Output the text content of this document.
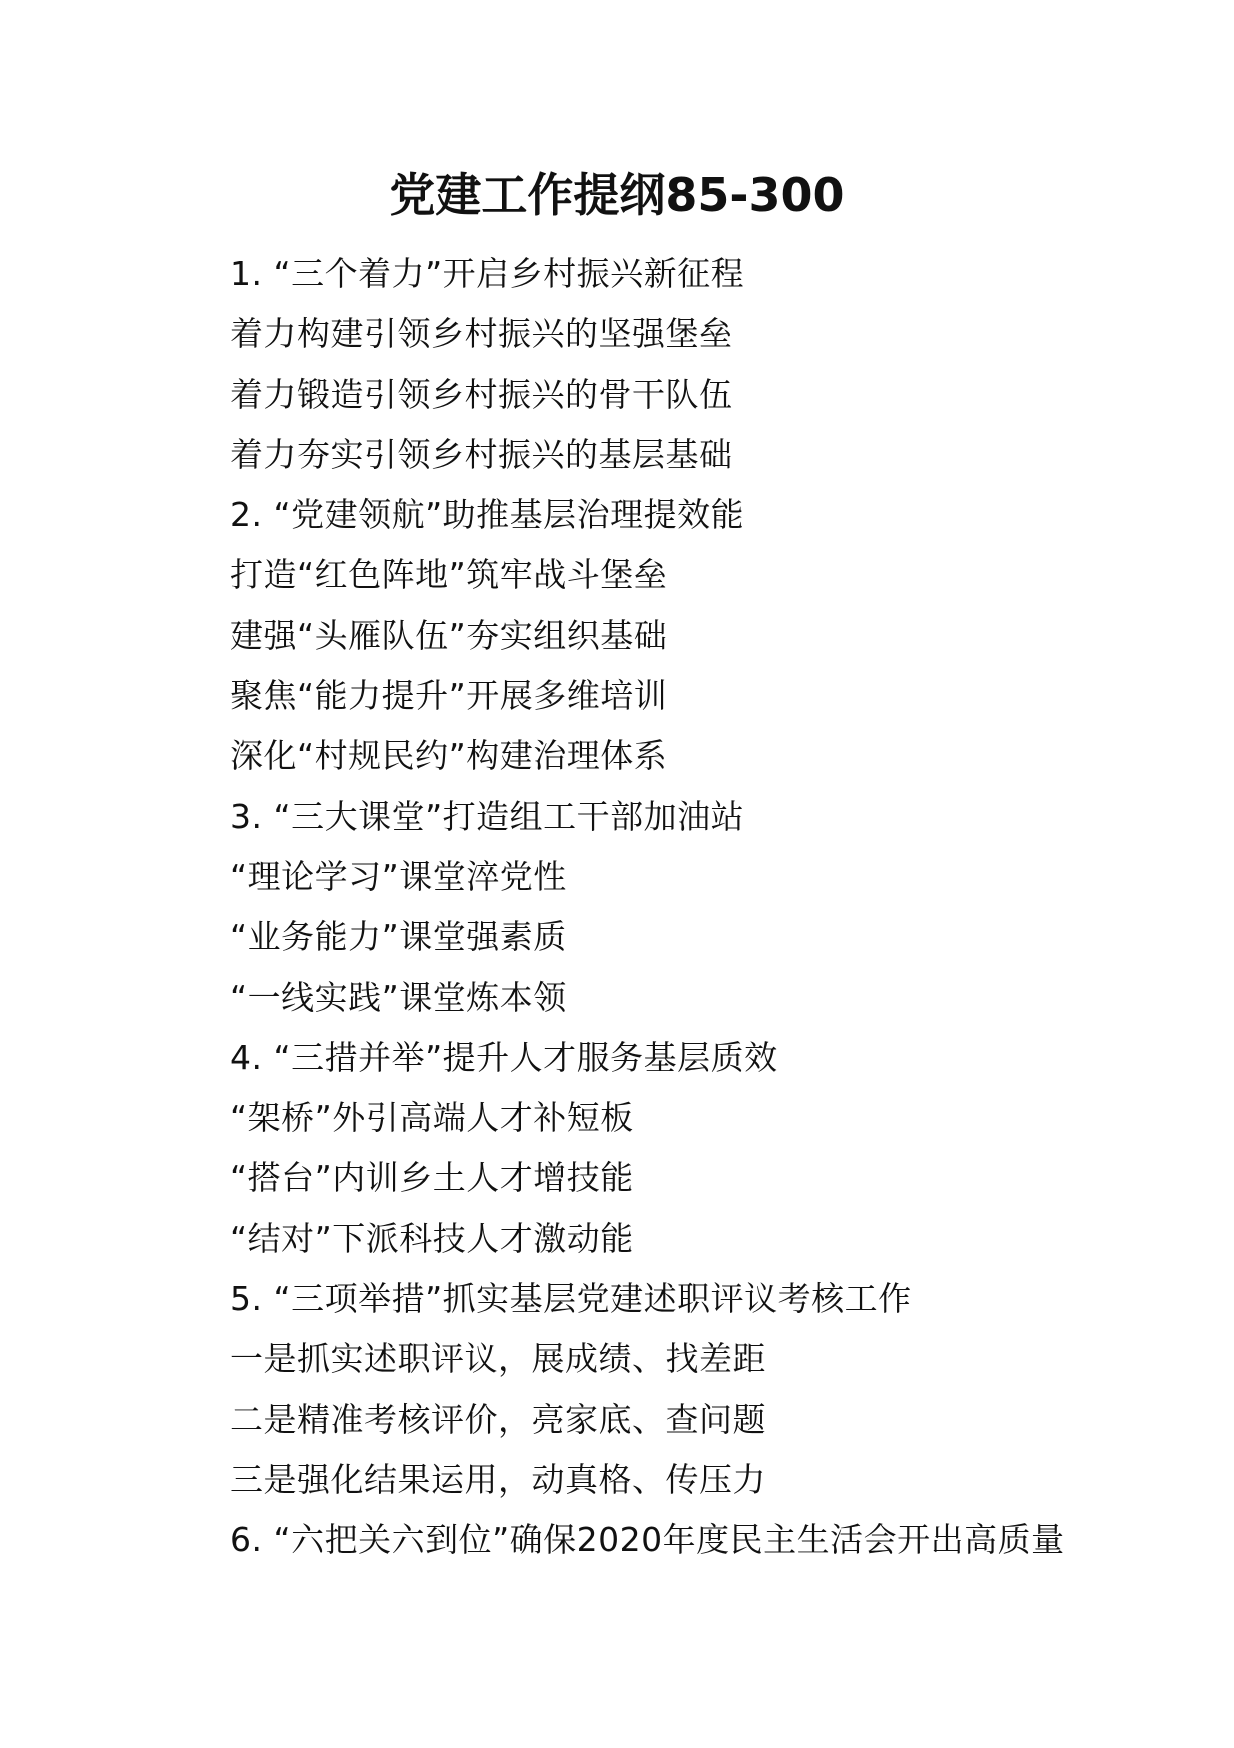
党建工作提纲85-300
1. “三个着力”开启乡村振兴新征程
着力构建引领乡村振兴的坚强堡垒
着力锻造引领乡村振兴的骨干队伍
着力夯实引领乡村振兴的基层基础
2. “党建领航”助推基层治理提效能
打造“红色阵地”筑牢战斗堡垒
建强“头雁队伍”夯实组织基础
聚焦“能力提升”开展多维培训
深化“村规民约”构建治理体系
3. “三大课堂”打造组工干部加油站
“理论学习”课堂淬党性
“业务能力”课堂强素质
“一线实践”课堂炼本领
4. “三措并举”提升人才服务基层质效
“架桥”外引高端人才补短板
“搭台”内训乡土人才增技能
“结对”下派科技人才激动能
5. “三项举措”抓实基层党建述职评议考核工作
一是抓实述职评议，展成绩、找差距
二是精准考核评价，亮家底、查问题
三是强化结果运用，动真格、传压力
6. “六把关六到位”确保2020年度民主生活会开出高质量
